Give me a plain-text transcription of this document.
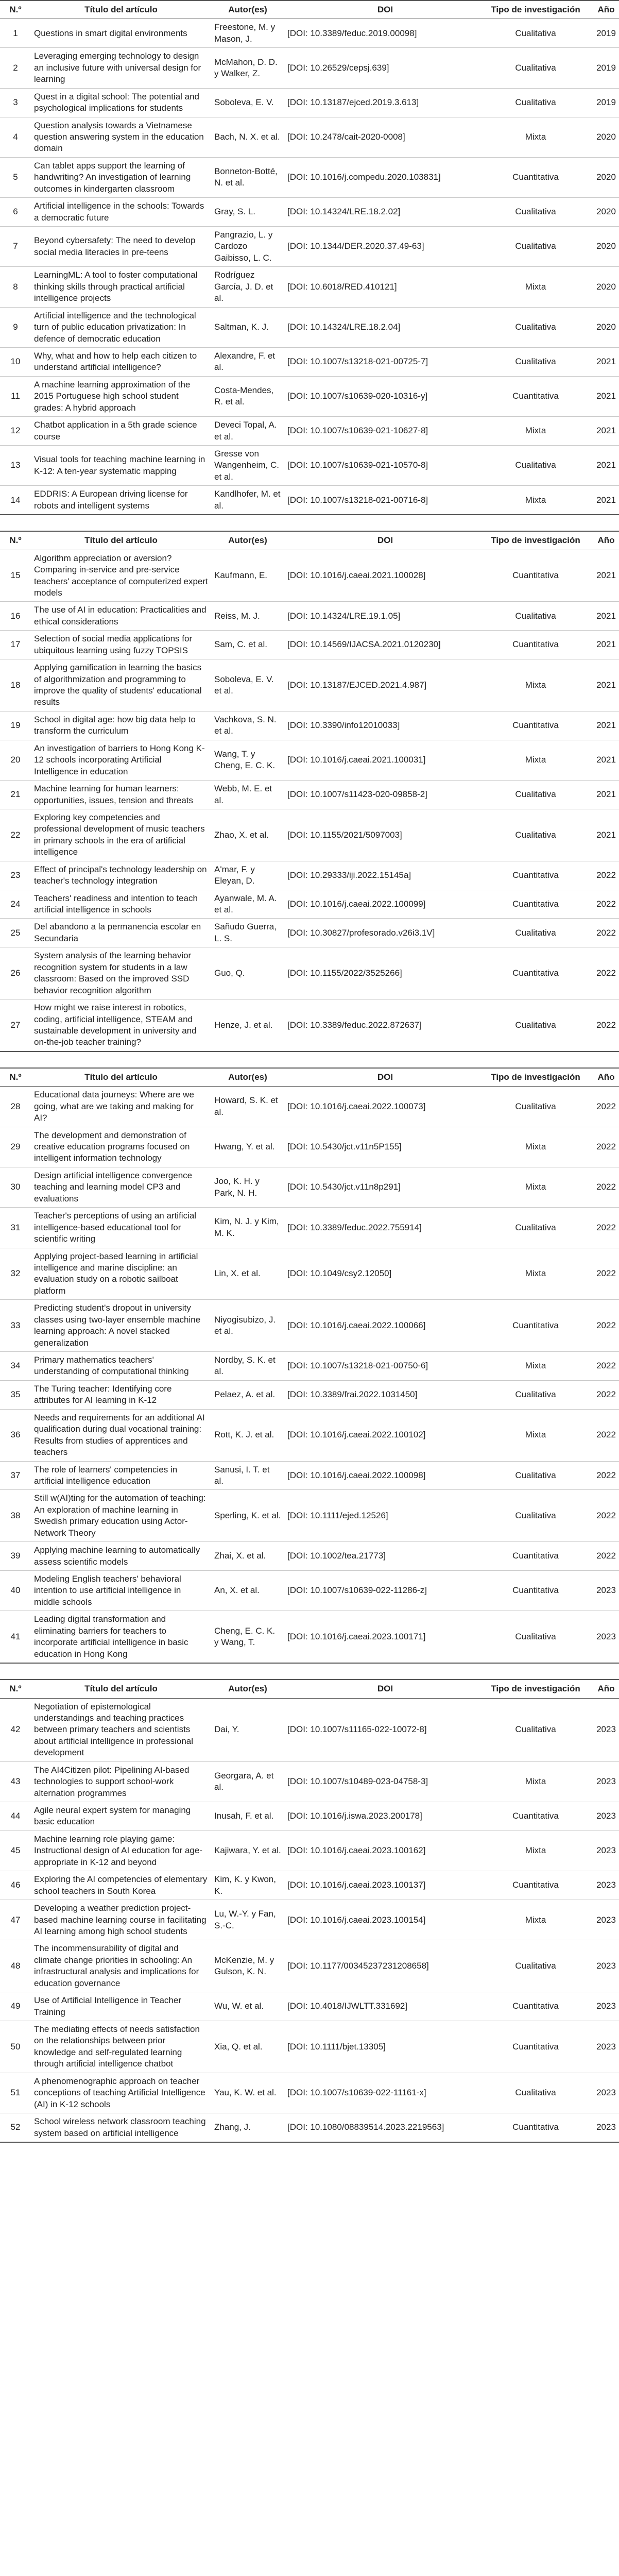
N.º	Título del artículo	Autor(es)	DOI	Tipo de investigación	Año
1	Questions in smart digital environments	Freestone, M. y Mason, J.	[DOI: 10.3389/feduc.2019.00098]	Cualitativa	2019
2	Leveraging emerging technology to design an inclusive future with universal design for learning	McMahon, D. D. y Walker, Z.	[DOI: 10.26529/cepsj.639]	Cualitativa	2019
3	Quest in a digital school: The potential and psychological implications for students	Soboleva, E. V.	[DOI: 10.13187/ejced.2019.3.613]	Cualitativa	2019
4	Question analysis towards a Vietnamese question answering system in the education domain	Bach, N. X. et al.	[DOI: 10.2478/cait-2020-0008]	Mixta	2020
5	Can tablet apps support the learning of handwriting? An investigation of learning outcomes in kindergarten classroom	Bonneton-Botté, N. et al.	[DOI: 10.1016/j.compedu.2020.103831]	Cuantitativa	2020
6	Artificial intelligence in the schools: Towards a democratic future	Gray, S. L.	[DOI: 10.14324/LRE.18.2.02]	Cualitativa	2020
7	Beyond cybersafety: The need to develop social media literacies in pre-teens	Pangrazio, L. y Cardozo Gaibisso, L. C.	[DOI: 10.1344/DER.2020.37.49-63]	Cualitativa	2020
8	LearningML: A tool to foster computational thinking skills through practical artificial intelligence projects	Rodríguez García, J. D. et al.	[DOI: 10.6018/RED.410121]	Mixta	2020
9	Artificial intelligence and the technological turn of public education privatization: In defence of democratic education	Saltman, K. J.	[DOI: 10.14324/LRE.18.2.04]	Cualitativa	2020
10	Why, what and how to help each citizen to understand artificial intelligence?	Alexandre, F. et al.	[DOI: 10.1007/s13218-021-00725-7]	Cualitativa	2021
11	A machine learning approximation of the 2015 Portuguese high school student grades: A hybrid approach	Costa-Mendes, R. et al.	[DOI: 10.1007/s10639-020-10316-y]	Cuantitativa	2021
12	Chatbot application in a 5th grade science course	Deveci Topal, A. et al.	[DOI: 10.1007/s10639-021-10627-8]	Mixta	2021
13	Visual tools for teaching machine learning in K-12: A ten-year systematic mapping	Gresse von Wangenheim, C. et al.	[DOI: 10.1007/s10639-021-10570-8]	Cualitativa	2021
14	EDDRIS: A European driving license for robots and intelligent systems	Kandlhofer, M. et al.	[DOI: 10.1007/s13218-021-00716-8]	Mixta	2021
N.º	Título del artículo	Autor(es)	DOI	Tipo de investigación	Año
15	Algorithm appreciation or aversion? Comparing in-service and pre-service teachers' acceptance of computerized expert models	Kaufmann, E.	[DOI: 10.1016/j.caeai.2021.100028]	Cuantitativa	2021
16	The use of AI in education: Practicalities and ethical considerations	Reiss, M. J.	[DOI: 10.14324/LRE.19.1.05]	Cualitativa	2021
17	Selection of social media applications for ubiquitous learning using fuzzy TOPSIS	Sam, C. et al.	[DOI: 10.14569/IJACSA.2021.0120230]	Cuantitativa	2021
18	Applying gamification in learning the basics of algorithmization and programming to improve the quality of students' educational results	Soboleva, E. V. et al.	[DOI: 10.13187/EJCED.2021.4.987]	Mixta	2021
19	School in digital age: how big data help to transform the curriculum	Vachkova, S. N. et al.	[DOI: 10.3390/info12010033]	Cuantitativa	2021
20	An investigation of barriers to Hong Kong K-12 schools incorporating Artificial Intelligence in education	Wang, T. y Cheng, E. C. K.	[DOI: 10.1016/j.caeai.2021.100031]	Mixta	2021
21	Machine learning for human learners: opportunities, issues, tension and threats	Webb, M. E. et al.	[DOI: 10.1007/s11423-020-09858-2]	Cualitativa	2021
22	Exploring key competencies and professional development of music teachers in primary schools in the era of artificial intelligence	Zhao, X. et al.	[DOI: 10.1155/2021/5097003]	Cualitativa	2021
23	Effect of principal's technology leadership on teacher's technology integration	A'mar, F. y Eleyan, D.	[DOI: 10.29333/iji.2022.15145a]	Cuantitativa	2022
24	Teachers' readiness and intention to teach artificial intelligence in schools	Ayanwale, M. A. et al.	[DOI: 10.1016/j.caeai.2022.100099]	Cuantitativa	2022
25	Del abandono a la permanencia escolar en Secundaria	Sañudo Guerra, L. S.	[DOI: 10.30827/profesorado.v26i3.1V]	Cualitativa	2022
26	System analysis of the learning behavior recognition system for students in a law classroom: Based on the improved SSD behavior recognition algorithm	Guo, Q.	[DOI: 10.1155/2022/3525266]	Cuantitativa	2022
27	How might we raise interest in robotics, coding, artificial intelligence, STEAM and sustainable development in university and on-the-job teacher training?	Henze, J. et al.	[DOI: 10.3389/feduc.2022.872637]	Cualitativa	2022
N.º	Título del artículo	Autor(es)	DOI	Tipo de investigación	Año
28	Educational data journeys: Where are we going, what are we taking and making for AI?	Howard, S. K. et al.	[DOI: 10.1016/j.caeai.2022.100073]	Cualitativa	2022
29	The development and demonstration of creative education programs focused on intelligent information technology	Hwang, Y. et al.	[DOI: 10.5430/jct.v11n5P155]	Mixta	2022
30	Design artificial intelligence convergence teaching and learning model CP3 and evaluations	Joo, K. H. y Park, N. H.	[DOI: 10.5430/jct.v11n8p291]	Mixta	2022
31	Teacher's perceptions of using an artificial intelligence-based educational tool for scientific writing	Kim, N. J. y Kim, M. K.	[DOI: 10.3389/feduc.2022.755914]	Cualitativa	2022
32	Applying project-based learning in artificial intelligence and marine discipline: an evaluation study on a robotic sailboat platform	Lin, X. et al.	[DOI: 10.1049/csy2.12050]	Mixta	2022
33	Predicting student's dropout in university classes using two-layer ensemble machine learning approach: A novel stacked generalization	Niyogisubizo, J. et al.	[DOI: 10.1016/j.caeai.2022.100066]	Cuantitativa	2022
34	Primary mathematics teachers' understanding of computational thinking	Nordby, S. K. et al.	[DOI: 10.1007/s13218-021-00750-6]	Mixta	2022
35	The Turing teacher: Identifying core attributes for AI learning in K-12	Pelaez, A. et al.	[DOI: 10.3389/frai.2022.1031450]	Cualitativa	2022
36	Needs and requirements for an additional AI qualification during dual vocational training: Results from studies of apprentices and teachers	Rott, K. J. et al.	[DOI: 10.1016/j.caeai.2022.100102]	Mixta	2022
37	The role of learners' competencies in artificial intelligence education	Sanusi, I. T. et al.	[DOI: 10.1016/j.caeai.2022.100098]	Cualitativa	2022
38	Still w(AI)ting for the automation of teaching: An exploration of machine learning in Swedish primary education using Actor-Network Theory	Sperling, K. et al.	[DOI: 10.1111/ejed.12526]	Cualitativa	2022
39	Applying machine learning to automatically assess scientific models	Zhai, X. et al.	[DOI: 10.1002/tea.21773]	Cuantitativa	2022
40	Modeling English teachers' behavioral intention to use artificial intelligence in middle schools	An, X. et al.	[DOI: 10.1007/s10639-022-11286-z]	Cuantitativa	2023
41	Leading digital transformation and eliminating barriers for teachers to incorporate artificial intelligence in basic education in Hong Kong	Cheng, E. C. K. y Wang, T.	[DOI: 10.1016/j.caeai.2023.100171]	Cualitativa	2023
N.º	Título del artículo	Autor(es)	DOI	Tipo de investigación	Año
42	Negotiation of epistemological understandings and teaching practices between primary teachers and scientists about artificial intelligence in professional development	Dai, Y.	[DOI: 10.1007/s11165-022-10072-8]	Cualitativa	2023
43	The AI4Citizen pilot: Pipelining AI-based technologies to support school-work alternation programmes	Georgara, A. et al.	[DOI: 10.1007/s10489-023-04758-3]	Mixta	2023
44	Agile neural expert system for managing basic education	Inusah, F. et al.	[DOI: 10.1016/j.iswa.2023.200178]	Cuantitativa	2023
45	Machine learning role playing game: Instructional design of AI education for age-appropriate in K-12 and beyond	Kajiwara, Y. et al.	[DOI: 10.1016/j.caeai.2023.100162]	Mixta	2023
46	Exploring the AI competencies of elementary school teachers in South Korea	Kim, K. y Kwon, K.	[DOI: 10.1016/j.caeai.2023.100137]	Cuantitativa	2023
47	Developing a weather prediction project-based machine learning course in facilitating AI learning among high school students	Lu, W.-Y. y Fan, S.-C.	[DOI: 10.1016/j.caeai.2023.100154]	Mixta	2023
48	The incommensurability of digital and climate change priorities in schooling: An infrastructural analysis and implications for education governance	McKenzie, M. y Gulson, K. N.	[DOI: 10.1177/00345237231208658]	Cualitativa	2023
49	Use of Artificial Intelligence in Teacher Training	Wu, W. et al.	[DOI: 10.4018/IJWLTT.331692]	Cuantitativa	2023
50	The mediating effects of needs satisfaction on the relationships between prior knowledge and self-regulated learning through artificial intelligence chatbot	Xia, Q. et al.	[DOI: 10.1111/bjet.13305]	Cuantitativa	2023
51	A phenomenographic approach on teacher conceptions of teaching Artificial Intelligence (AI) in K-12 schools	Yau, K. W. et al.	[DOI: 10.1007/s10639-022-11161-x]	Cualitativa	2023
52	School wireless network classroom teaching system based on artificial intelligence	Zhang, J.	[DOI: 10.1080/08839514.2023.2219563]	Cuantitativa	2023
